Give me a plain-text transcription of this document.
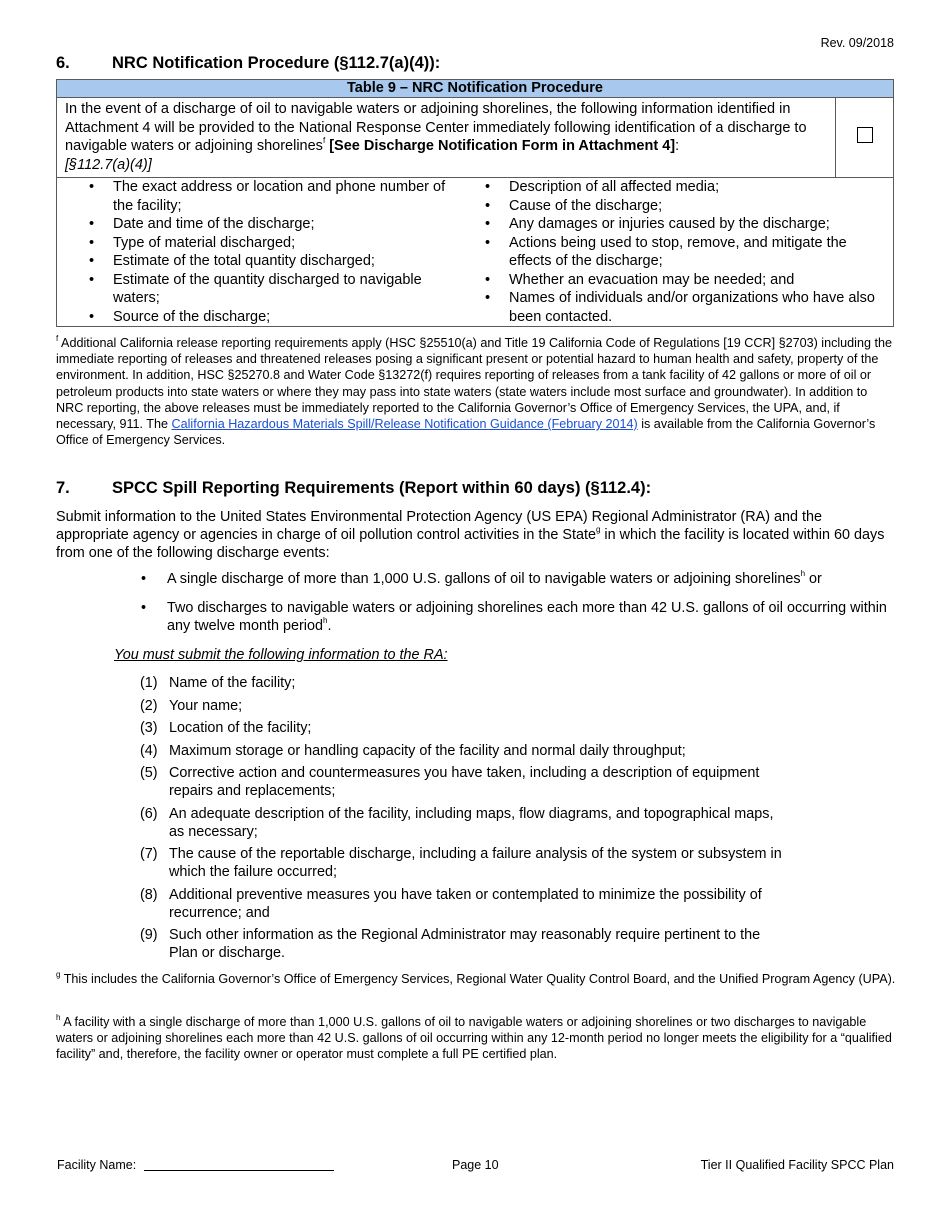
Rev. 09/2018
6.	NRC Notification Procedure (§112.7(a)(4)):
Table 9 – NRC Notification Procedure
In the event of a discharge of oil to navigable waters or adjoining shorelines, the following information identified in Attachment 4 will be provided to the National Response Center immediately following identification of a discharge to navigable waters or adjoining shorelines$^f$ [See Discharge Notification Form in Attachment 4]:
[§112.7(a)(4)]	

• The exact address or location and phone number of the facility;
• Date and time of the discharge;
• Type of material discharged;
• Estimate of the total quantity discharged;
• Estimate of the quantity discharged to navigable waters;
• Source of the discharge;
• Description of all affected media;
• Cause of the discharge;
• Any damages or injuries caused by the discharge;
• Actions being used to stop, remove, and mitigate the effects of the discharge;
• Whether an evacuation may be needed; and
• Names of individuals and/or organizations who have also been contacted.

$^f$ Additional California release reporting requirements apply (HSC §25510(a) and Title 19 California Code of Regulations [19 CCR] §2703) including the immediate reporting of releases and threatened releases posing a significant present or potential hazard to human health and safety, property of the environment. In addition, HSC §25270.8 and Water Code §13272(f) requires reporting of releases from a tank facility of 42 gallons or more of oil or petroleum products into state waters or where they may pass into state waters (state waters include most surface and groundwater). In addition to NRC reporting, the above releases must be immediately reported to the California Governor’s Office of Emergency Services, the UPA, and, if necessary, 911. The California Hazardous Materials Spill/Release Notification Guidance (February 2014) is available from the California Governor’s Office of Emergency Services.

7.	SPCC Spill Reporting Requirements (Report within 60 days) (§112.4):

Submit information to the United States Environmental Protection Agency (US EPA) Regional Administrator (RA) and the appropriate agency or agencies in charge of oil pollution control activities in the State$^g$ in which the facility is located within 60 days from one of the following discharge events:

• A single discharge of more than 1,000 U.S. gallons of oil to navigable waters or adjoining shorelines$^h$ or

• Two discharges to navigable waters or adjoining shorelines each more than 42 U.S. gallons of oil occurring within any twelve month period$^h$.

You must submit the following information to the RA:

(1) Name of the facility;
(2) Your name;
(3) Location of the facility;
(4) Maximum storage or handling capacity of the facility and normal daily throughput;
(5) Corrective action and countermeasures you have taken, including a description of equipment repairs and replacements;
(6) An adequate description of the facility, including maps, flow diagrams, and topographical maps, as necessary;
(7) The cause of the reportable discharge, including a failure analysis of the system or subsystem in which the failure occurred;
(8) Additional preventive measures you have taken or contemplated to minimize the possibility of recurrence; and
(9) Such other information as the Regional Administrator may reasonably require pertinent to the Plan or discharge.

$^g$ This includes the California Governor’s Office of Emergency Services, Regional Water Quality Control Board, and the Unified Program Agency (UPA).

$^h$ A facility with a single discharge of more than 1,000 U.S. gallons of oil to navigable waters or adjoining shorelines or two discharges to navigable waters or adjoining shorelines each more than 42 U.S. gallons of oil occurring within any 12-month period no longer meets the eligibility for a “qualified facility” and, therefore, the facility owner or operator must complete a full PE certified plan.

Facility Name:	Page 10	Tier II Qualified Facility SPCC Plan
